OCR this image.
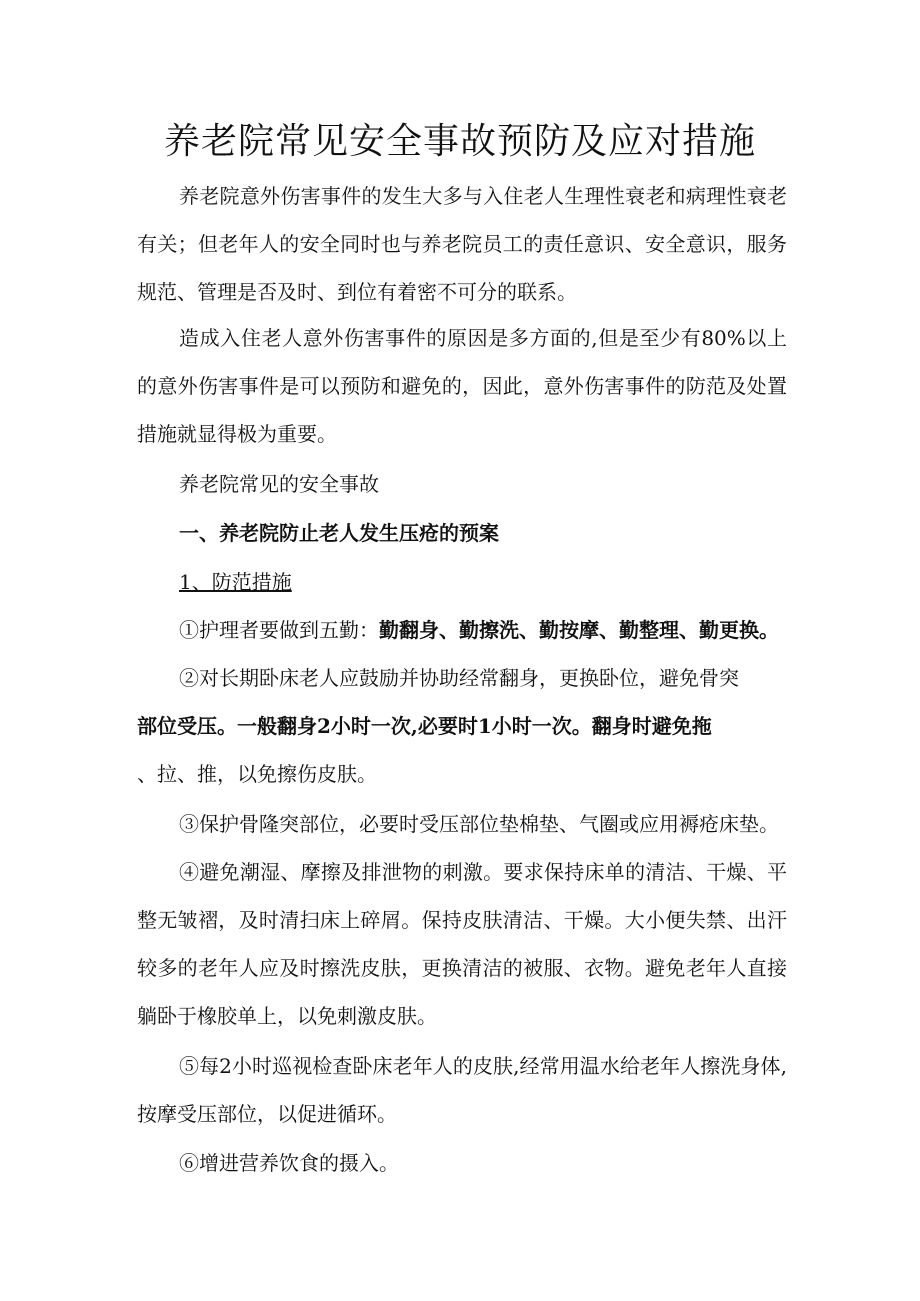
养老院常见安全事故预防及应对措施
养老院意外伤害事件的发生大多与入住老人生理性衰老和病理性衰老有关；但老年人的安全同时也与养老院员工的责任意识、安全意识，服务规范、管理是否及时、到位有着密不可分的联系。
造成入住老人意外伤害事件的原因是多方面的,但是至少有80%以上的意外伤害事件是可以预防和避免的，因此，意外伤害事件的防范及处置措施就显得极为重要。
养老院常见的安全事故
一、养老院防止老人发生压疮的预案
1、防范措施
①护理者要做到五勤：勤翻身、勤擦洗、勤按摩、勤整理、勤更换。
②对长期卧床老人应鼓励并协助经常翻身，更换卧位，避免骨突
部位受压。一般翻身2小时一次,必要时1小时一次。翻身时避免拖
、拉、推，以免擦伤皮肤。
③保护骨隆突部位，必要时受压部位垫棉垫、气圈或应用褥疮床垫。
④避免潮湿、摩擦及排泄物的刺激。要求保持床单的清洁、干燥、平整无皱褶，及时清扫床上碎屑。保持皮肤清洁、干燥。大小便失禁、出汗较多的老年人应及时擦洗皮肤，更换清洁的被服、衣物。避免老年人直接躺卧于橡胶单上，以免刺激皮肤。
⑤每2小时巡视检查卧床老年人的皮肤,经常用温水给老年人擦洗身体,按摩受压部位，以促进循环。
⑥增进营养饮食的摄入。
